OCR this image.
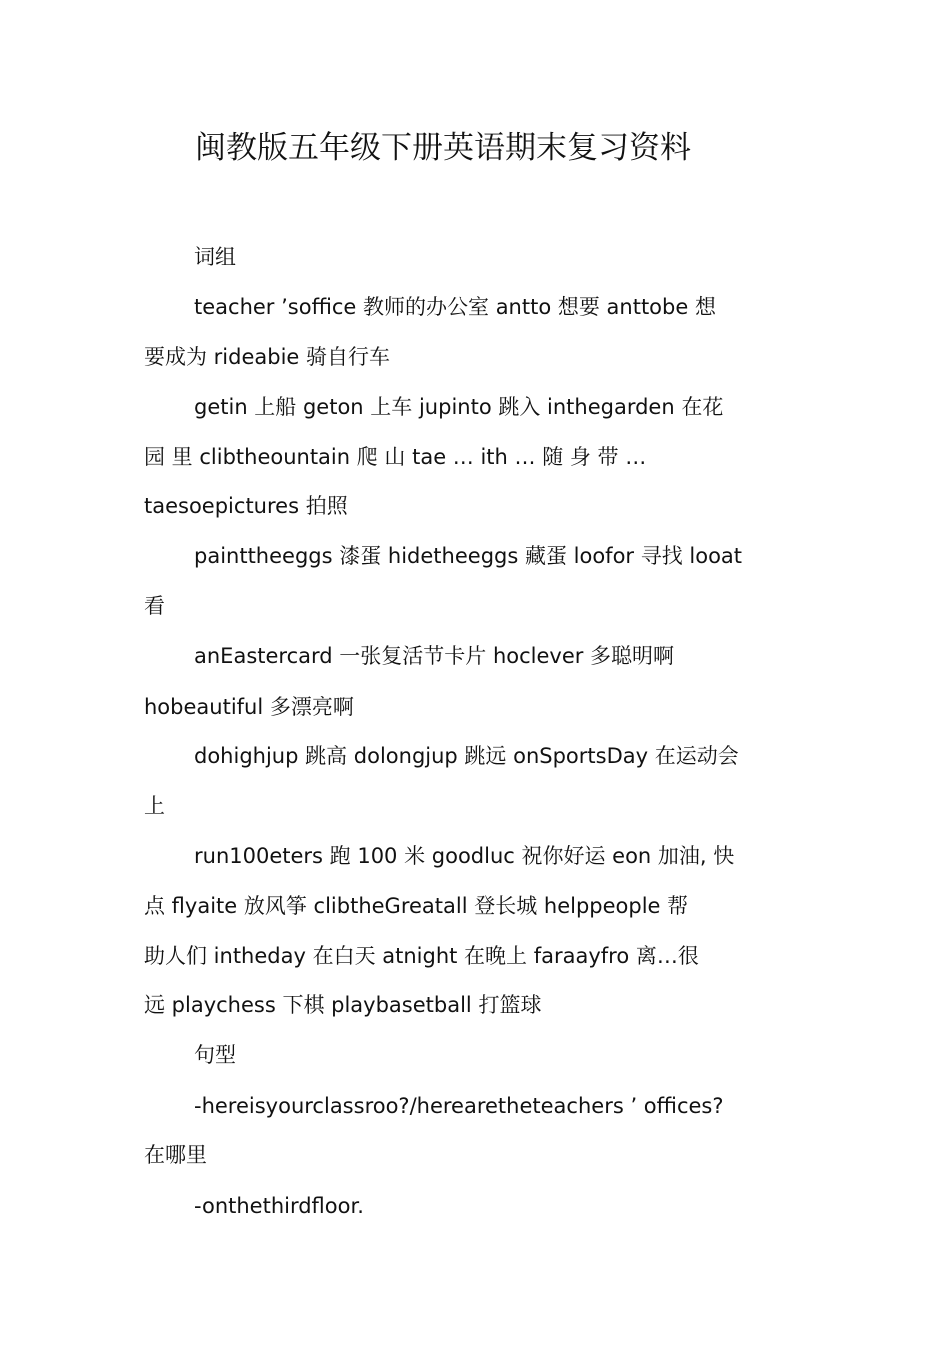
闽教版五年级下册英语期末复习资料
词组
teacher ’soffice 教师的办公室 antto 想要 anttobe 想
要成为 rideabie 骑自行车
getin 上船 geton 上车 jupinto 跳入 inthegarden 在花
园 里 clibtheountain 爬 山 tae … ith … 随 身 带 …
taesoepictures 拍照
painttheeggs 漆蛋 hidetheeggs 藏蛋 loofor 寻找 looat
看
anEastercard 一张复活节卡片 hoclever 多聪明啊
hobeautiful 多漂亮啊
dohighjup 跳高 dolongjup 跳远 onSportsDay 在运动会
上
run100eters 跑 100 米 goodluc 祝你好运 eon 加油, 快
点 flyaite 放风筝 clibtheGreatall 登长城 helppeople 帮
助人们 intheday 在白天 atnight 在晚上 faraayfro 离…很
远 playchess 下棋 playbasetball 打篮球
句型
-hereisyourclassroo?/herearetheteachers ’ offices?
在哪里
-onthethirdfloor.
